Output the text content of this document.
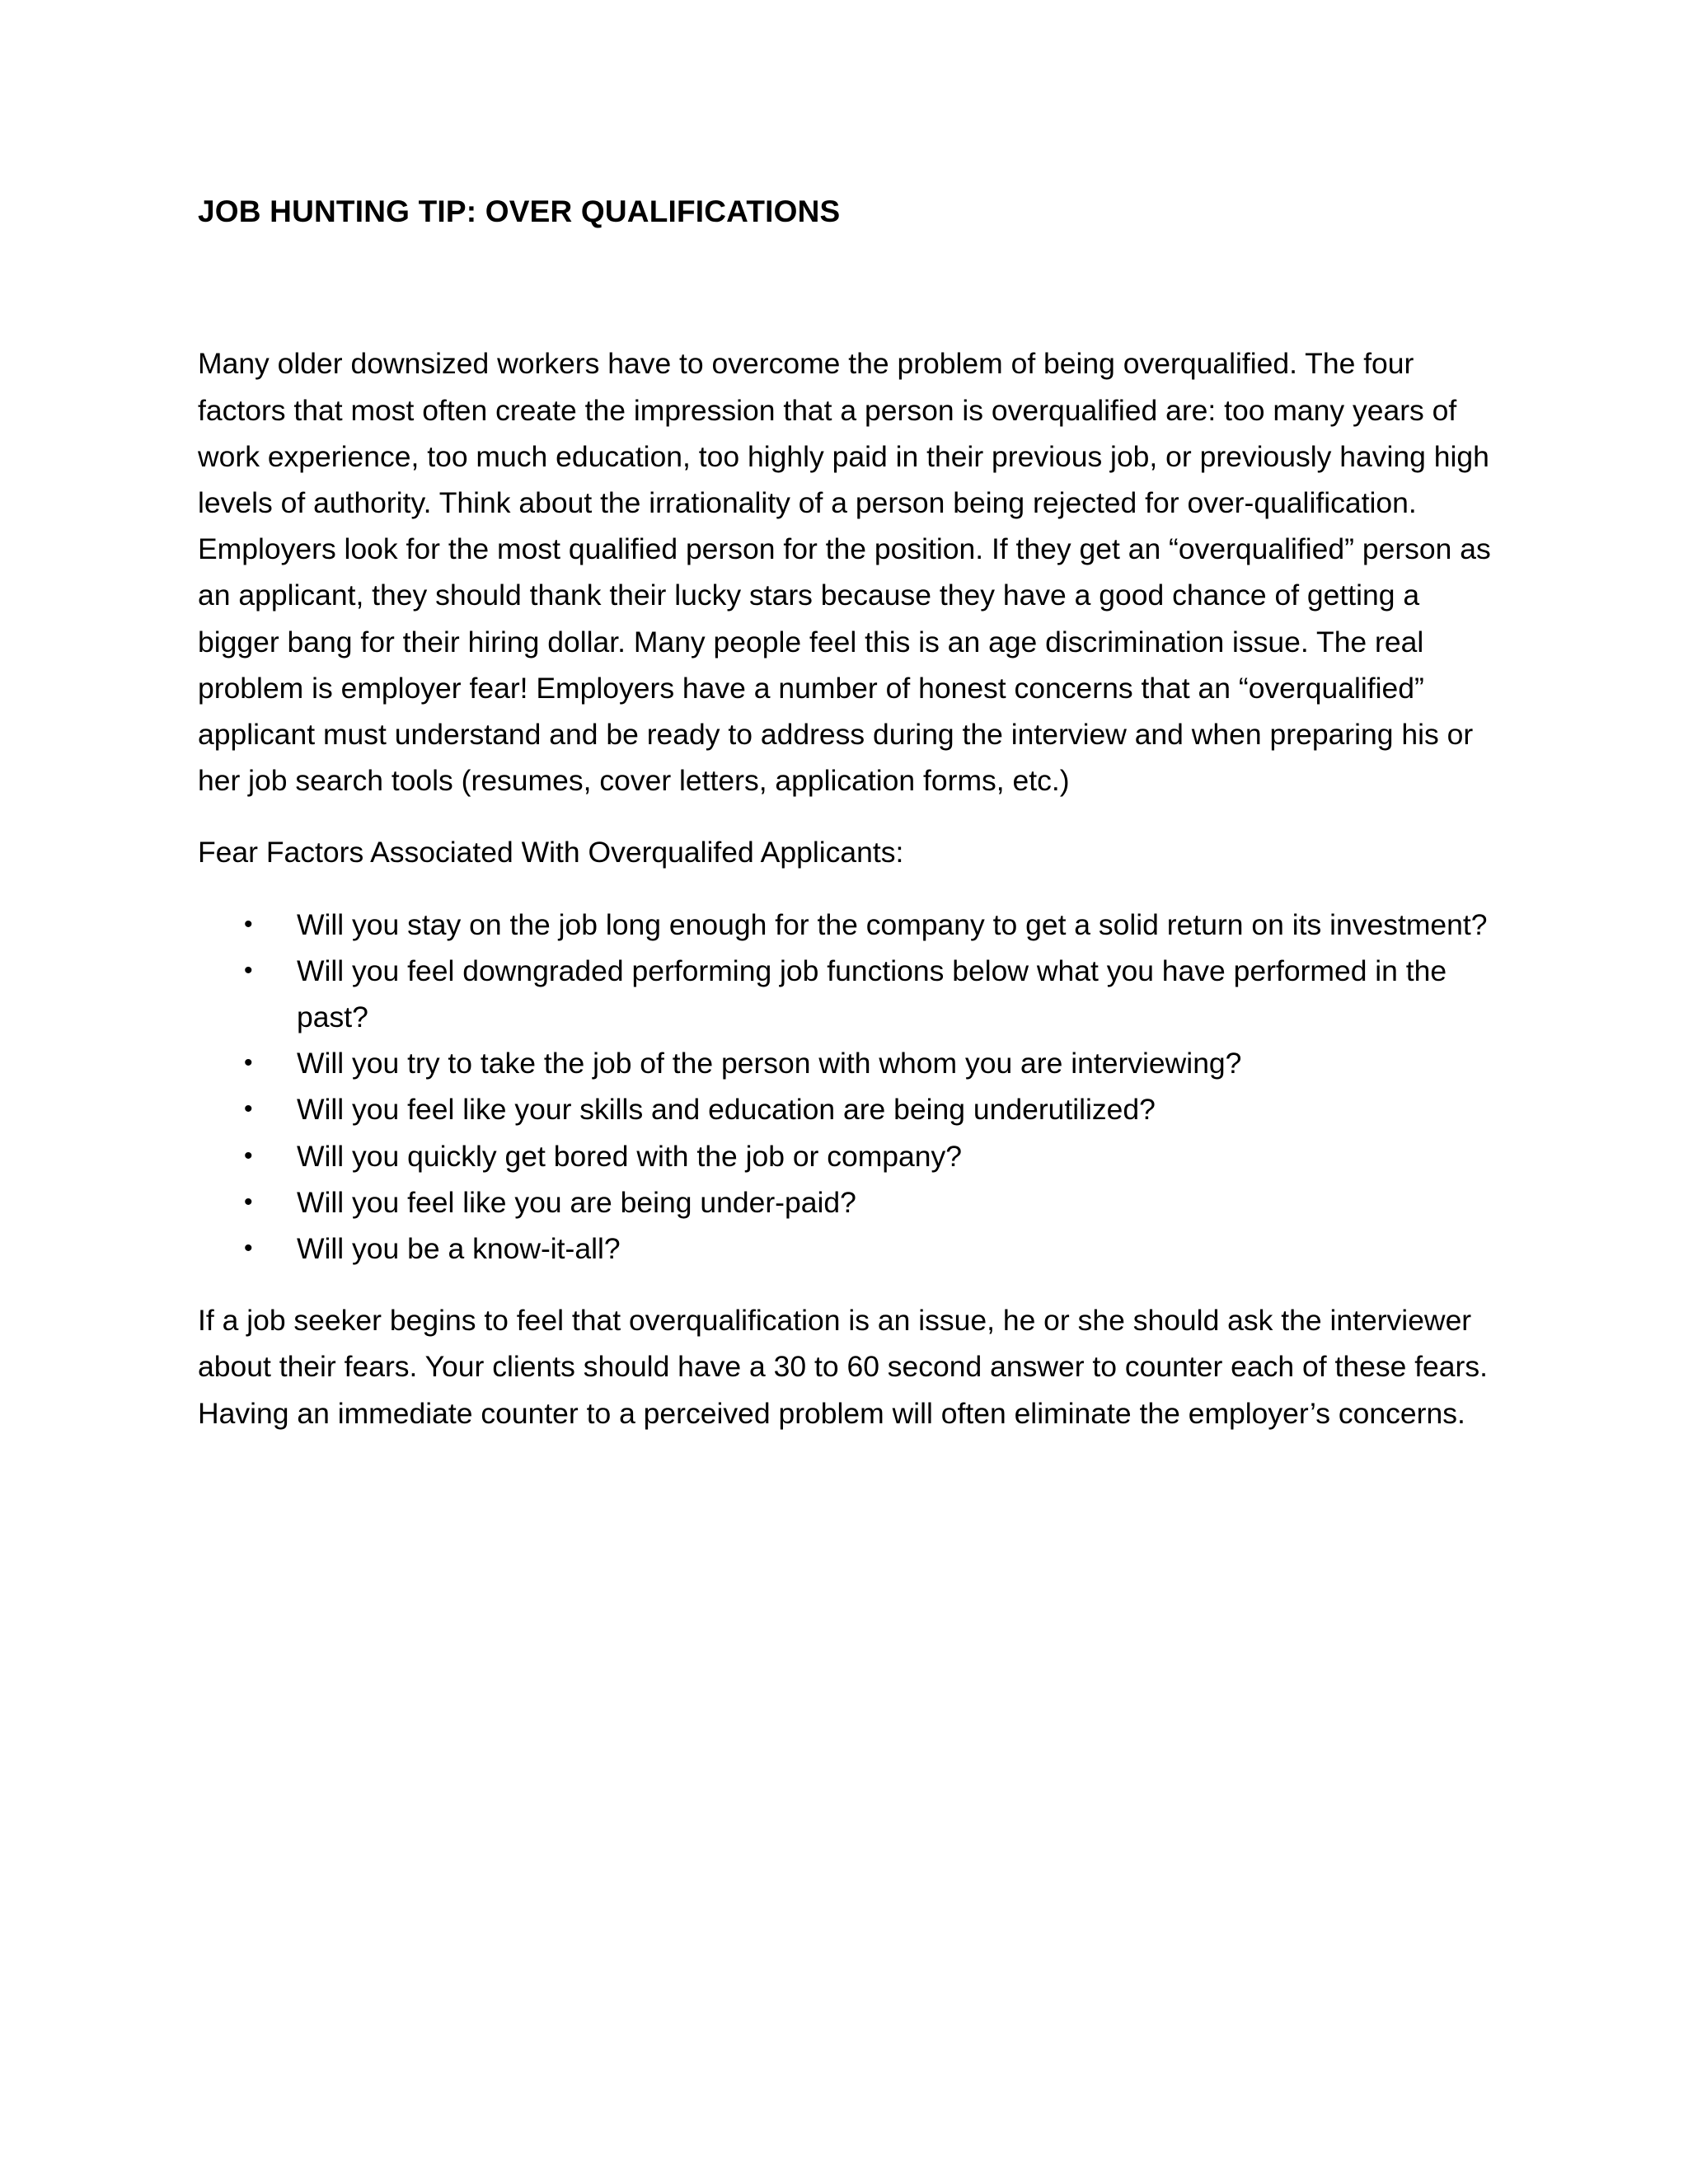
JOB HUNTING TIP: OVER QUALIFICATIONS

Many older downsized workers have to overcome the problem of being overqualified. The four factors that most often create the impression that a person is overqualified are: too many years of work experience, too much education, too highly paid in their previous job, or previously having high levels of authority. Think about the irrationality of a person being rejected for over-qualification. Employers look for the most qualified person for the position. If they get an “overqualified” person as an applicant, they should thank their lucky stars because they have a good chance of getting a bigger bang for their hiring dollar. Many people feel this is an age discrimination issue. The real problem is employer fear! Employers have a number of honest concerns that an “overqualified” applicant must understand and be ready to address during the interview and when preparing his or her job search tools (resumes, cover letters, application forms, etc.)

Fear Factors Associated With Overqualifed Applicants:

• Will you stay on the job long enough for the company to get a solid return on its investment?
• Will you feel downgraded performing job functions below what you have performed in the past?
• Will you try to take the job of the person with whom you are interviewing?
• Will you feel like your skills and education are being underutilized?
• Will you quickly get bored with the job or company?
• Will you feel like you are being under-paid?
• Will you be a know-it-all?

If a job seeker begins to feel that overqualification is an issue, he or she should ask the interviewer about their fears. Your clients should have a 30 to 60 second answer to counter each of these fears. Having an immediate counter to a perceived problem will often eliminate the employer’s concerns.
